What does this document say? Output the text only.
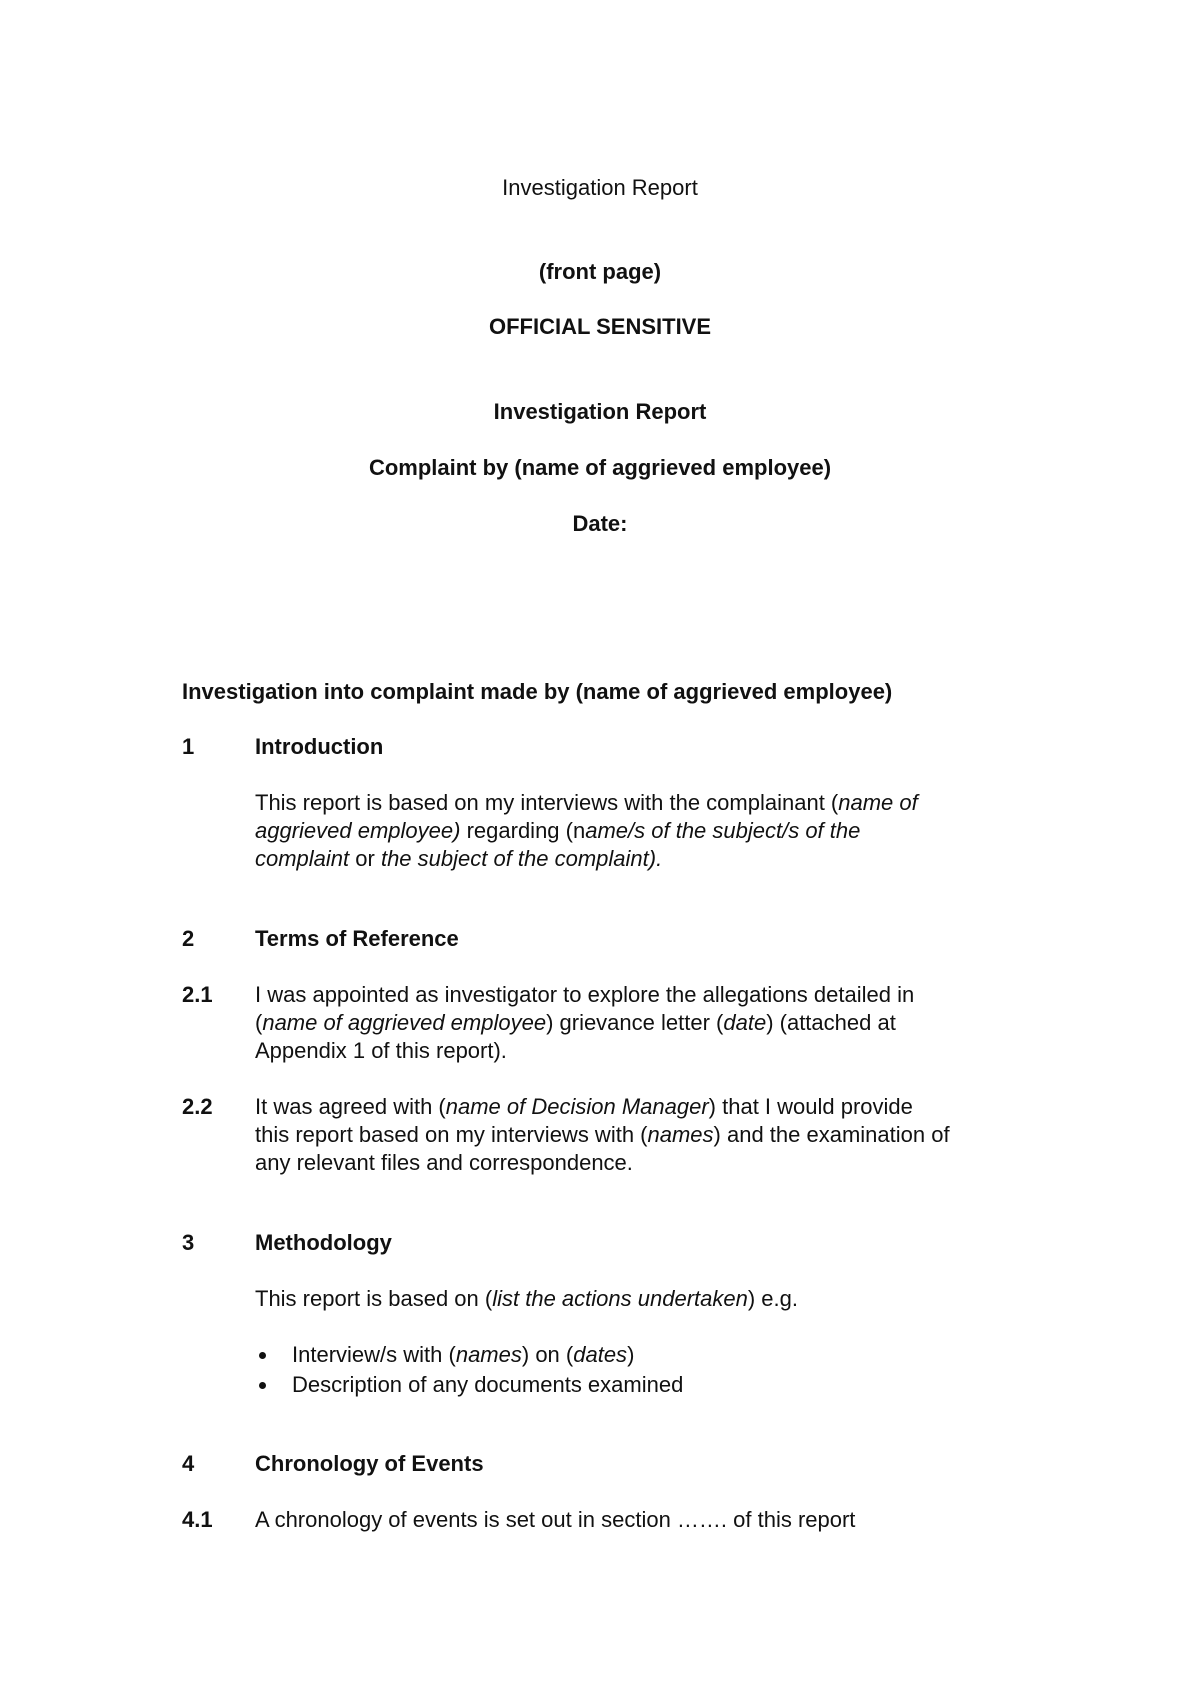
Investigation Report
(front page)
OFFICIAL SENSITIVE
Investigation Report
Complaint by (name of aggrieved employee)
Date:
Investigation into complaint made by (name of aggrieved employee)
1	Introduction
This report is based on my interviews with the complainant (name of
aggrieved employee) regarding (name/s of the subject/s of the
complaint or the subject of the complaint).
2	Terms of Reference
2.1 I was appointed as investigator to explore the allegations detailed in
(name of aggrieved employee) grievance letter (date) (attached at
Appendix 1 of this report).
2.2 It was agreed with (name of Decision Manager) that I would provide
this report based on my interviews with (names) and the examination of
any relevant files and correspondence.
3	Methodology
This report is based on (list the actions undertaken) e.g.
Interview/s with (names) on (dates)
Description of any documents examined
4	Chronology of Events
4.1 A chronology of events is set out in section ……. of this report
